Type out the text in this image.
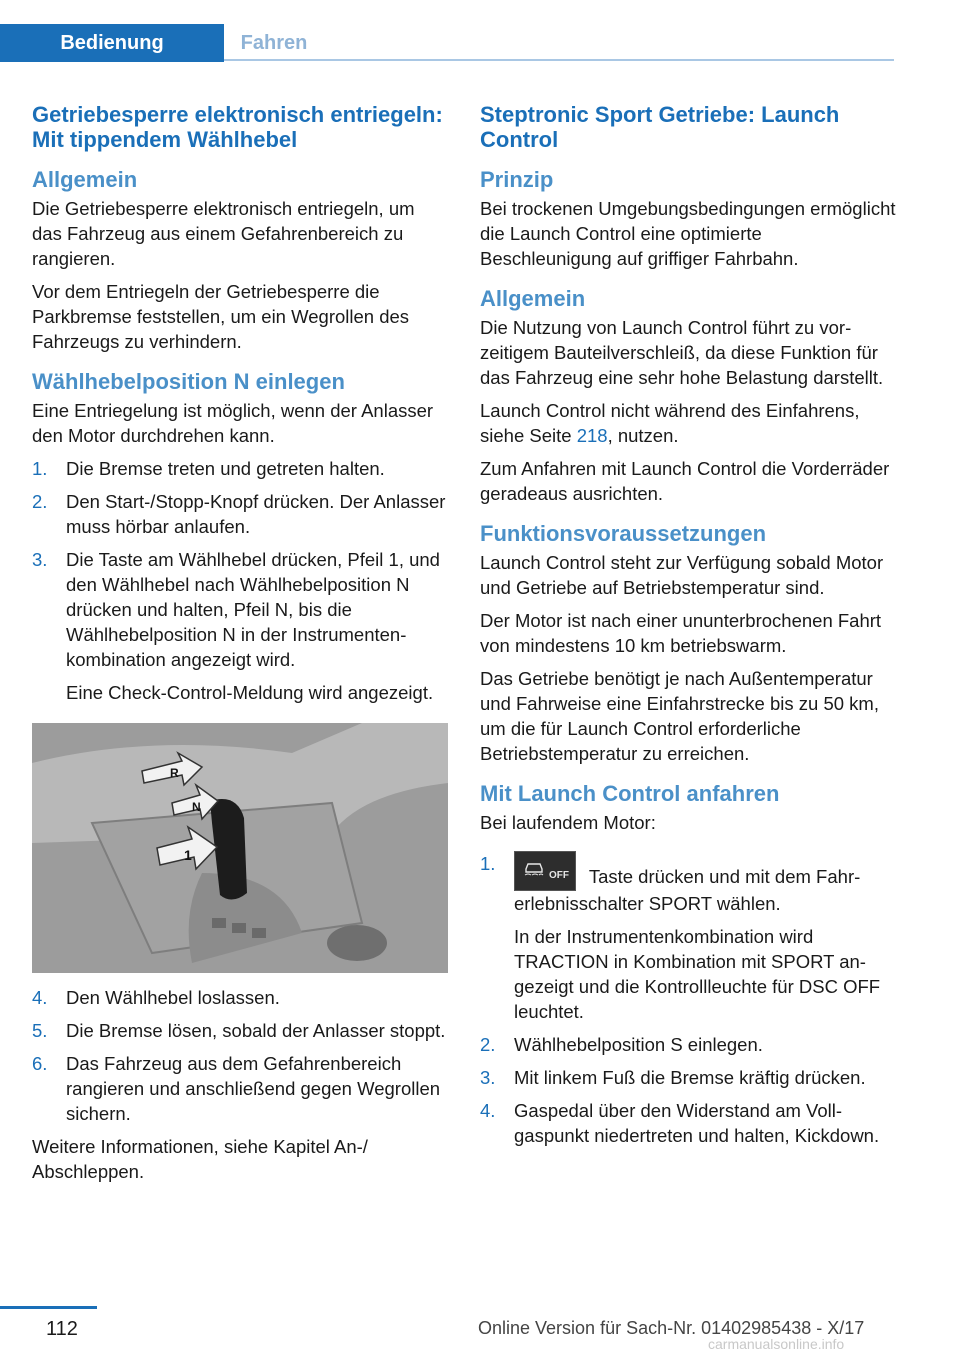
Bedienung	Fahren
Getriebesperre elektronisch entriegeln: Mit tippendem Wählhebel
Allgemein

Die Getriebesperre elektronisch entriegeln, um das Fahrzeug aus einem Gefahrenbereich zu rangieren.

Vor dem Entriegeln der Getriebesperre die Parkbremse feststellen, um ein Wegrollen des Fahrzeugs zu verhindern.

Wählhebelposition N einlegen

Eine Entriegelung ist möglich, wenn der Anlasser den Motor durchdrehen kann.

1. Die Bremse treten und getreten halten.
2. Den Start-/Stopp-Knopf drücken. Der Anlasser muss hörbar anlaufen.
3. Die Taste am Wählhebel drücken, Pfeil 1, und den Wählhebel nach Wählhebelposition N drücken und halten, Pfeil N, bis die Wählhebelposition N in der Instrumentenkombination angezeigt wird.
Eine Check-Control-Meldung wird angezeigt.
R
N
1
4. Den Wählhebel loslassen.
5. Die Bremse lösen, sobald der Anlasser stoppt.
6. Das Fahrzeug aus dem Gefahrenbereich rangieren und anschließend gegen Wegrollen sichern.

Weitere Informationen, siehe Kapitel An-/ Abschleppen.

Steptronic Sport Getriebe: Launch Control
Prinzip

Bei trockenen Umgebungsbedingungen ermöglicht die Launch Control eine optimierte Beschleunigung auf griffiger Fahrbahn.

Allgemein

Die Nutzung von Launch Control führt zu vorzeitigem Bauteilverschleiß, da diese Funktion für das Fahrzeug eine sehr hohe Belastung darstellt.

Launch Control nicht während des Einfahrens, siehe Seite 218, nutzen.

Zum Anfahren mit Launch Control die Vorderräder geradeaus ausrichten.

Funktionsvoraussetzungen

Launch Control steht zur Verfügung sobald Motor und Getriebe auf Betriebstemperatur sind.

Der Motor ist nach einer ununterbrochenen Fahrt von mindestens 10 km betriebswarm.

Das Getriebe benötigt je nach Außentemperatur und Fahrweise eine Einfahrstrecke bis zu 50 km, um die für Launch Control erforderliche Betriebstemperatur zu erreichen.

Mit Launch Control anfahren

Bei laufendem Motor:

1.
OFF Taste drücken und mit dem Fahrerlebnisschalter SPORT wählen.
In der Instrumentenkombination wird TRACTION in Kombination mit SPORT angezeigt und die Kontrollleuchte für DSC OFF leuchtet.
2. Wählhebelposition S einlegen.
3. Mit linkem Fuß die Bremse kräftig drücken.
4. Gaspedal über den Widerstand am Vollgaspunkt niedertreten und halten, Kickdown.
112	Online Version für Sach-Nr. 01402985438 - X/17
carmanualsonline.info
